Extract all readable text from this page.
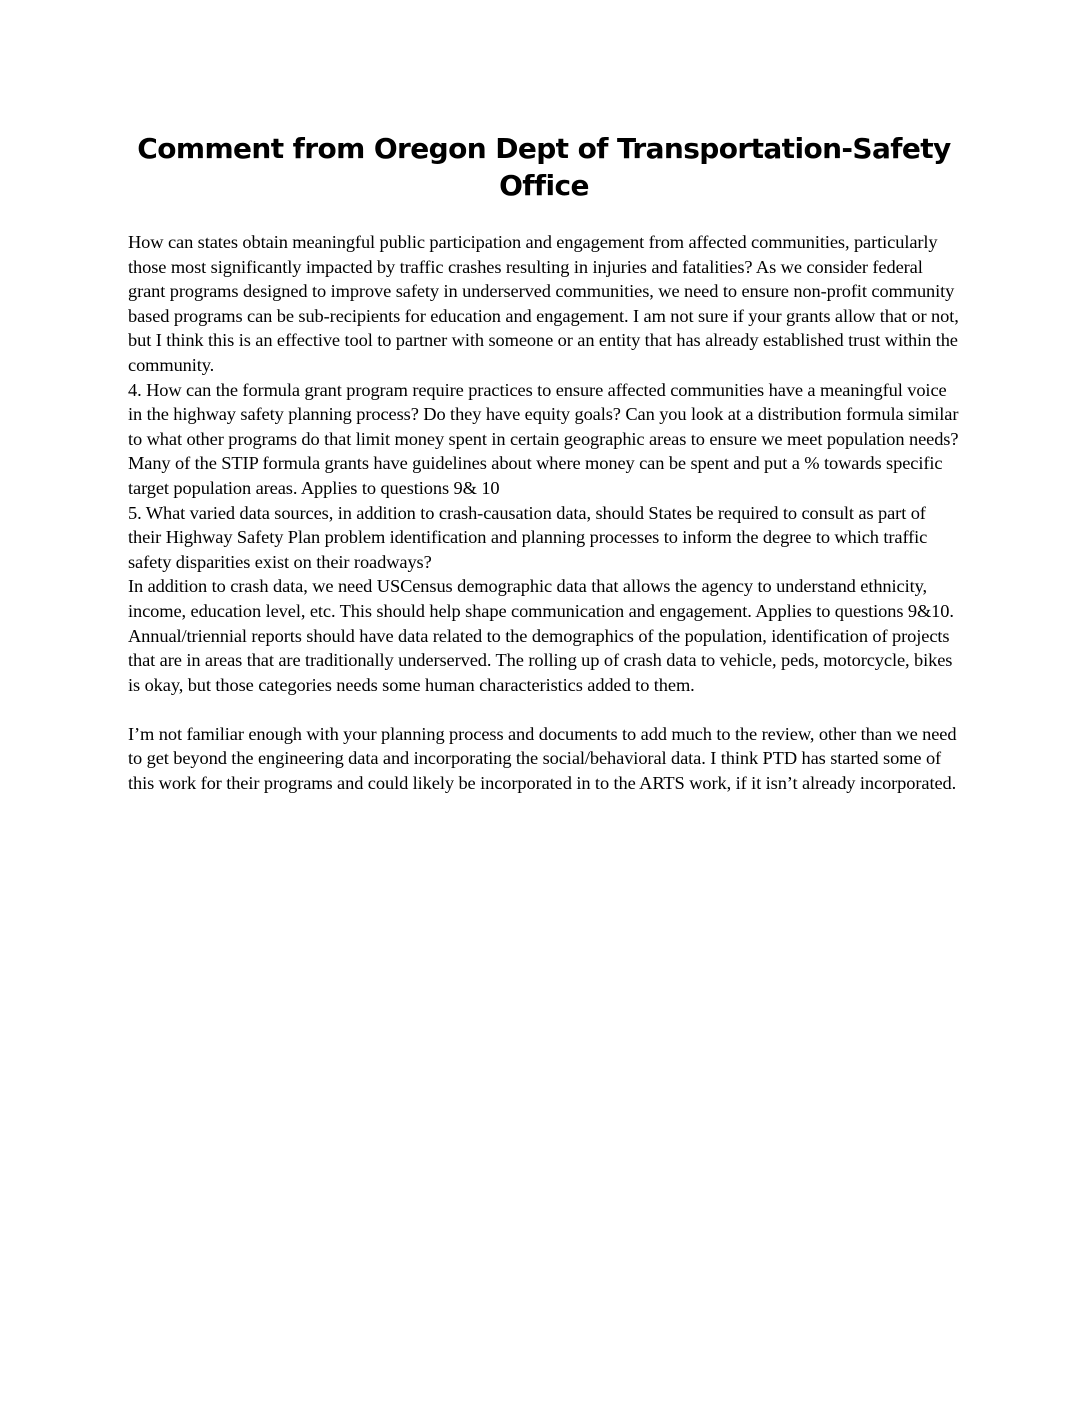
Comment from Oregon Dept of Transportation-Safety Office

How can states obtain meaningful public participation and engagement from affected communities, particularly those most significantly impacted by traffic crashes resulting in injuries and fatalities? As we consider federal grant programs designed to improve safety in underserved communities, we need to ensure non-profit community based programs can be sub-recipients for education and engagement. I am not sure if your grants allow that or not, but I think this is an effective tool to partner with someone or an entity that has already established trust within the community.

4. How can the formula grant program require practices to ensure affected communities have a meaningful voice in the highway safety planning process? Do they have equity goals? Can you look at a distribution formula similar to what other programs do that limit money spent in certain geographic areas to ensure we meet population needs? Many of the STIP formula grants have guidelines about where money can be spent and put a % towards specific target population areas. Applies to questions 9& 10

5. What varied data sources, in addition to crash-causation data, should States be required to consult as part of their Highway Safety Plan problem identification and planning processes to inform the degree to which traffic safety disparities exist on their roadways?

In addition to crash data, we need USCensus demographic data that allows the agency to understand ethnicity, income, education level, etc. This should help shape communication and engagement. Applies to questions 9&10. Annual/triennial reports should have data related to the demographics of the population, identification of projects that are in areas that are traditionally underserved. The rolling up of crash data to vehicle, peds, motorcycle, bikes is okay, but those categories needs some human characteristics added to them.

I’m not familiar enough with your planning process and documents to add much to the review, other than we need to get beyond the engineering data and incorporating the social/behavioral data. I think PTD has started some of this work for their programs and could likely be incorporated in to the ARTS work, if it isn’t already incorporated.
